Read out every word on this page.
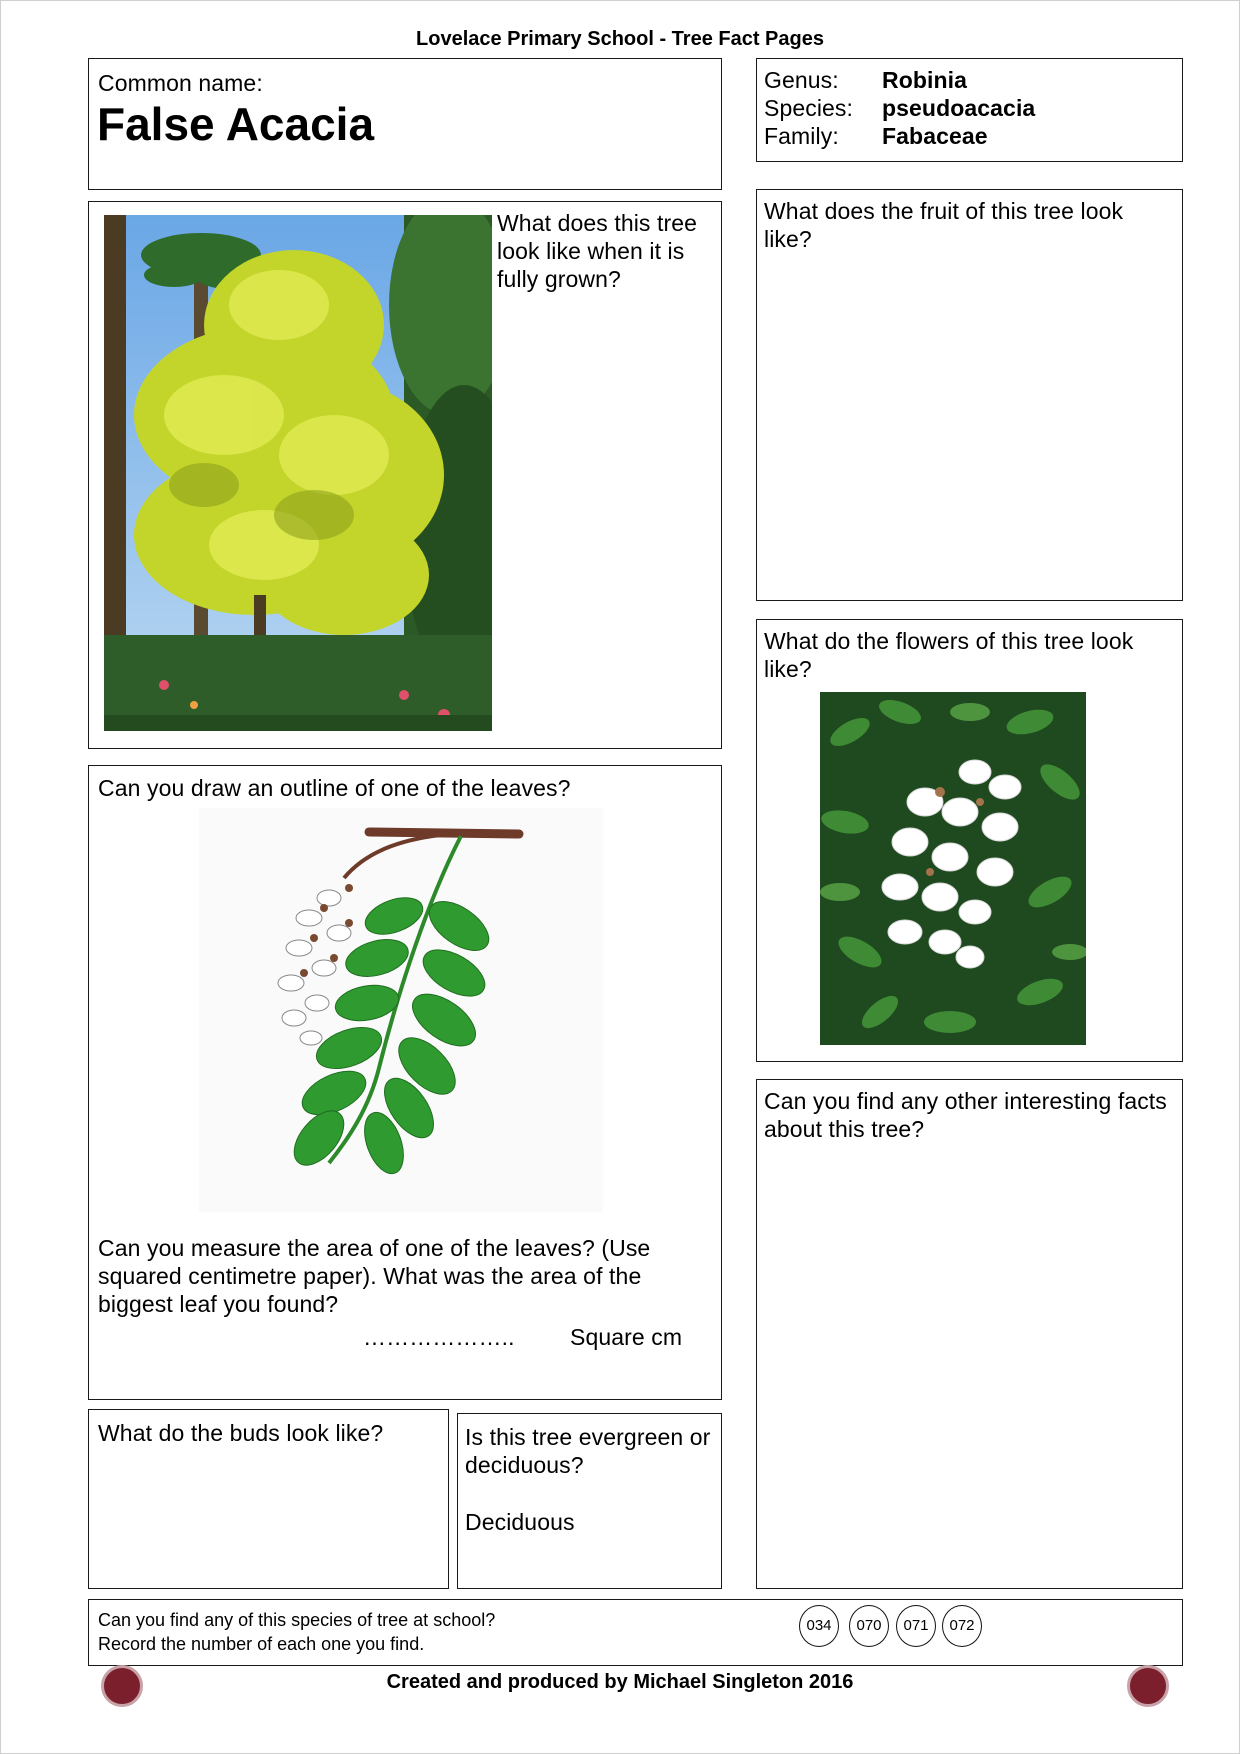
Lovelace Primary School - Tree Fact Pages
Common name:
False Acacia
Genus: Robinia
Species: pseudoacacia
Family: Fabaceae
What does this tree look like when it is fully grown?
What does the fruit of this tree look like?
What do the flowers of this tree look like?
Can you draw an outline of one of the leaves?
Can you measure the area of one of the leaves? (Use squared centimetre paper). What was the area of the biggest leaf you found?
……………….. Square cm
Can you find any other interesting facts about this tree?
What do the buds look like?	Is this tree evergreen or deciduous?
Deciduous
Can you find any of this species of tree at school?
Record the number of each one you find.
034	070	071	072
Created and produced by Michael Singleton 2016
